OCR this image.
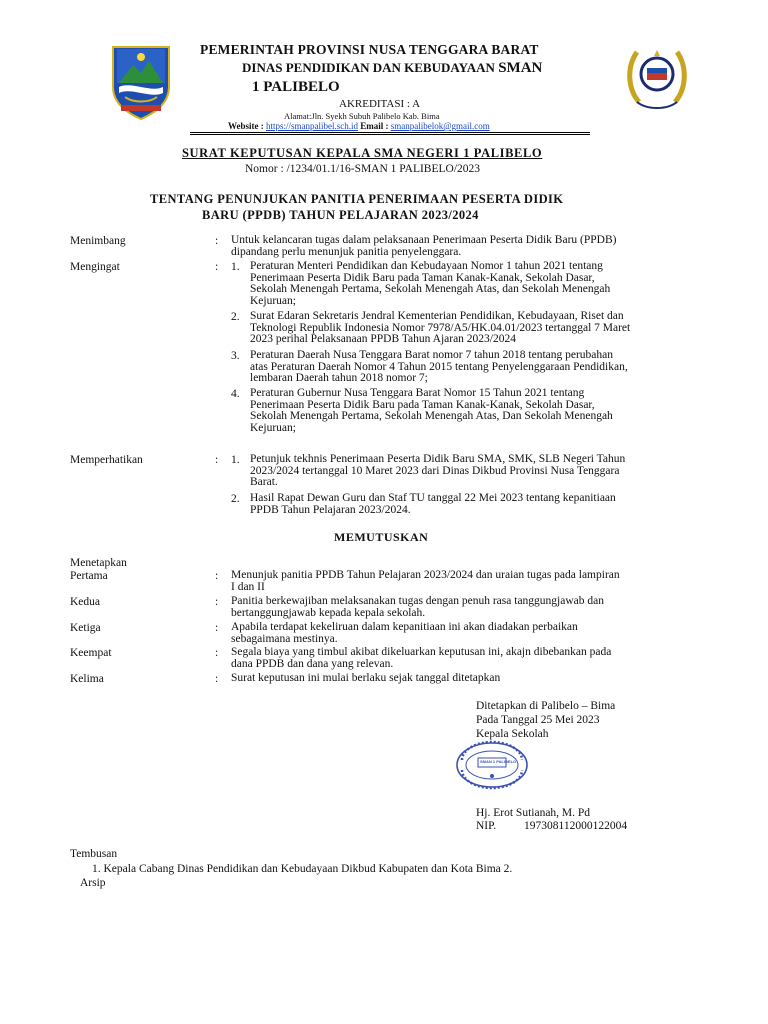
PEMERINTAH PROVINSI NUSA TENGGARA BARAT
DINAS PENDIDIKAN DAN KEBUDAYAAN SMAN
1 PALIBELO
AKREDITASI : A
Alamat:Jln. Syekh Subuh Palibelo Kab. Bima
Website : https://smanpalibel.sch.id Email : smanpalibelok@gmail.com
SURAT KEPUTUSAN KEPALA SMA NEGERI 1 PALIBELO
Nomor : /1234/01.1/16-SMAN 1 PALIBELO/2023
TENTANG PENUNJUKAN PANITIA PENERIMAAN PESERTA DIDIK
BARU (PPDB) TAHUN PELAJARAN 2023/2024
Menimbang	: Untuk kelancaran tugas dalam pelaksanaan Penerimaan Peserta Didik Baru (PPDB)
dipandang perlu menunjuk panitia penyelenggara.
Mengingat	: 1. Peraturan Menteri Pendidikan dan Kebudayaan Nomor 1 tahun 2021 tentang
Penerimaan Peserta Didik Baru pada Taman Kanak-Kanak, Sekolah Dasar,
Sekolah Menengah Pertama, Sekolah Menengah Atas, dan Sekolah Menengah
Kejuruan;
2. Surat Edaran Sekretaris Jendral Kementerian Pendidikan, Kebudayaan, Riset dan
Teknologi Republik Indonesia Nomor 7978/A5/HK.04.01/2023 tertanggal 7 Maret
2023 perihal Pelaksanaan PPDB Tahun Ajaran 2023/2024
3. Peraturan Daerah Nusa Tenggara Barat nomor 7 tahun 2018 tentang perubahan
atas Peraturan Daerah Nomor 4 Tahun 2015 tentang Penyelenggaraan Pendidikan,
lembaran Daerah tahun 2018 nomor 7;
4. Peraturan Gubernur Nusa Tenggara Barat Nomor 15 Tahun 2021 tentang
Penerimaan Peserta Didik Baru pada Taman Kanak-Kanak, Sekolah Dasar,
Sekolah Menengah Pertama, Sekolah Menengah Atas, Dan Sekolah Menengah
Kejuruan;
Memperhatikan	: 1. Petunjuk tekhnis Penerimaan Peserta Didik Baru SMA, SMK, SLB Negeri Tahun
2023/2024 tertanggal 10 Maret 2023 dari Dinas Dikbud Provinsi Nusa Tenggara
Barat.
2. Hasil Rapat Dewan Guru dan Staf TU tanggal 22 Mei 2023 tentang kepanitiaan
PPDB Tahun Pelajaran 2023/2024.
MEMUTUSKAN
Menetapkan
Pertama	: Menunjuk panitia PPDB Tahun Pelajaran 2023/2024 dan uraian tugas pada lampiran
I dan II
Kedua	: Panitia berkewajiban melaksanakan tugas dengan penuh rasa tanggungjawab dan
bertanggungjawab kepada kepala sekolah.
Ketiga	: Apabila terdapat kekeliruan dalam kepanitiaan ini akan diadakan perbaikan
sebagaimana mestinya.
Keempat	: Segala biaya yang timbul akibat dikeluarkan keputusan ini, akajn dibebankan pada
dana PPDB dan dana yang relevan.
Kelima	: Surat keputusan ini mulai berlaku sejak tanggal ditetapkan
Ditetapkan di Palibelo – Bima
Pada Tanggal 25 Mei 2023
Kepala Sekolah
SMAN 1 PALIBELO
Hj. Erot Sutianah, M. Pd
NIP. 197308112000122004
Tembusan
1. Kepala Cabang Dinas Pendidikan dan Kebudayaan Dikbud Kabupaten dan Kota Bima 2.
Arsip
